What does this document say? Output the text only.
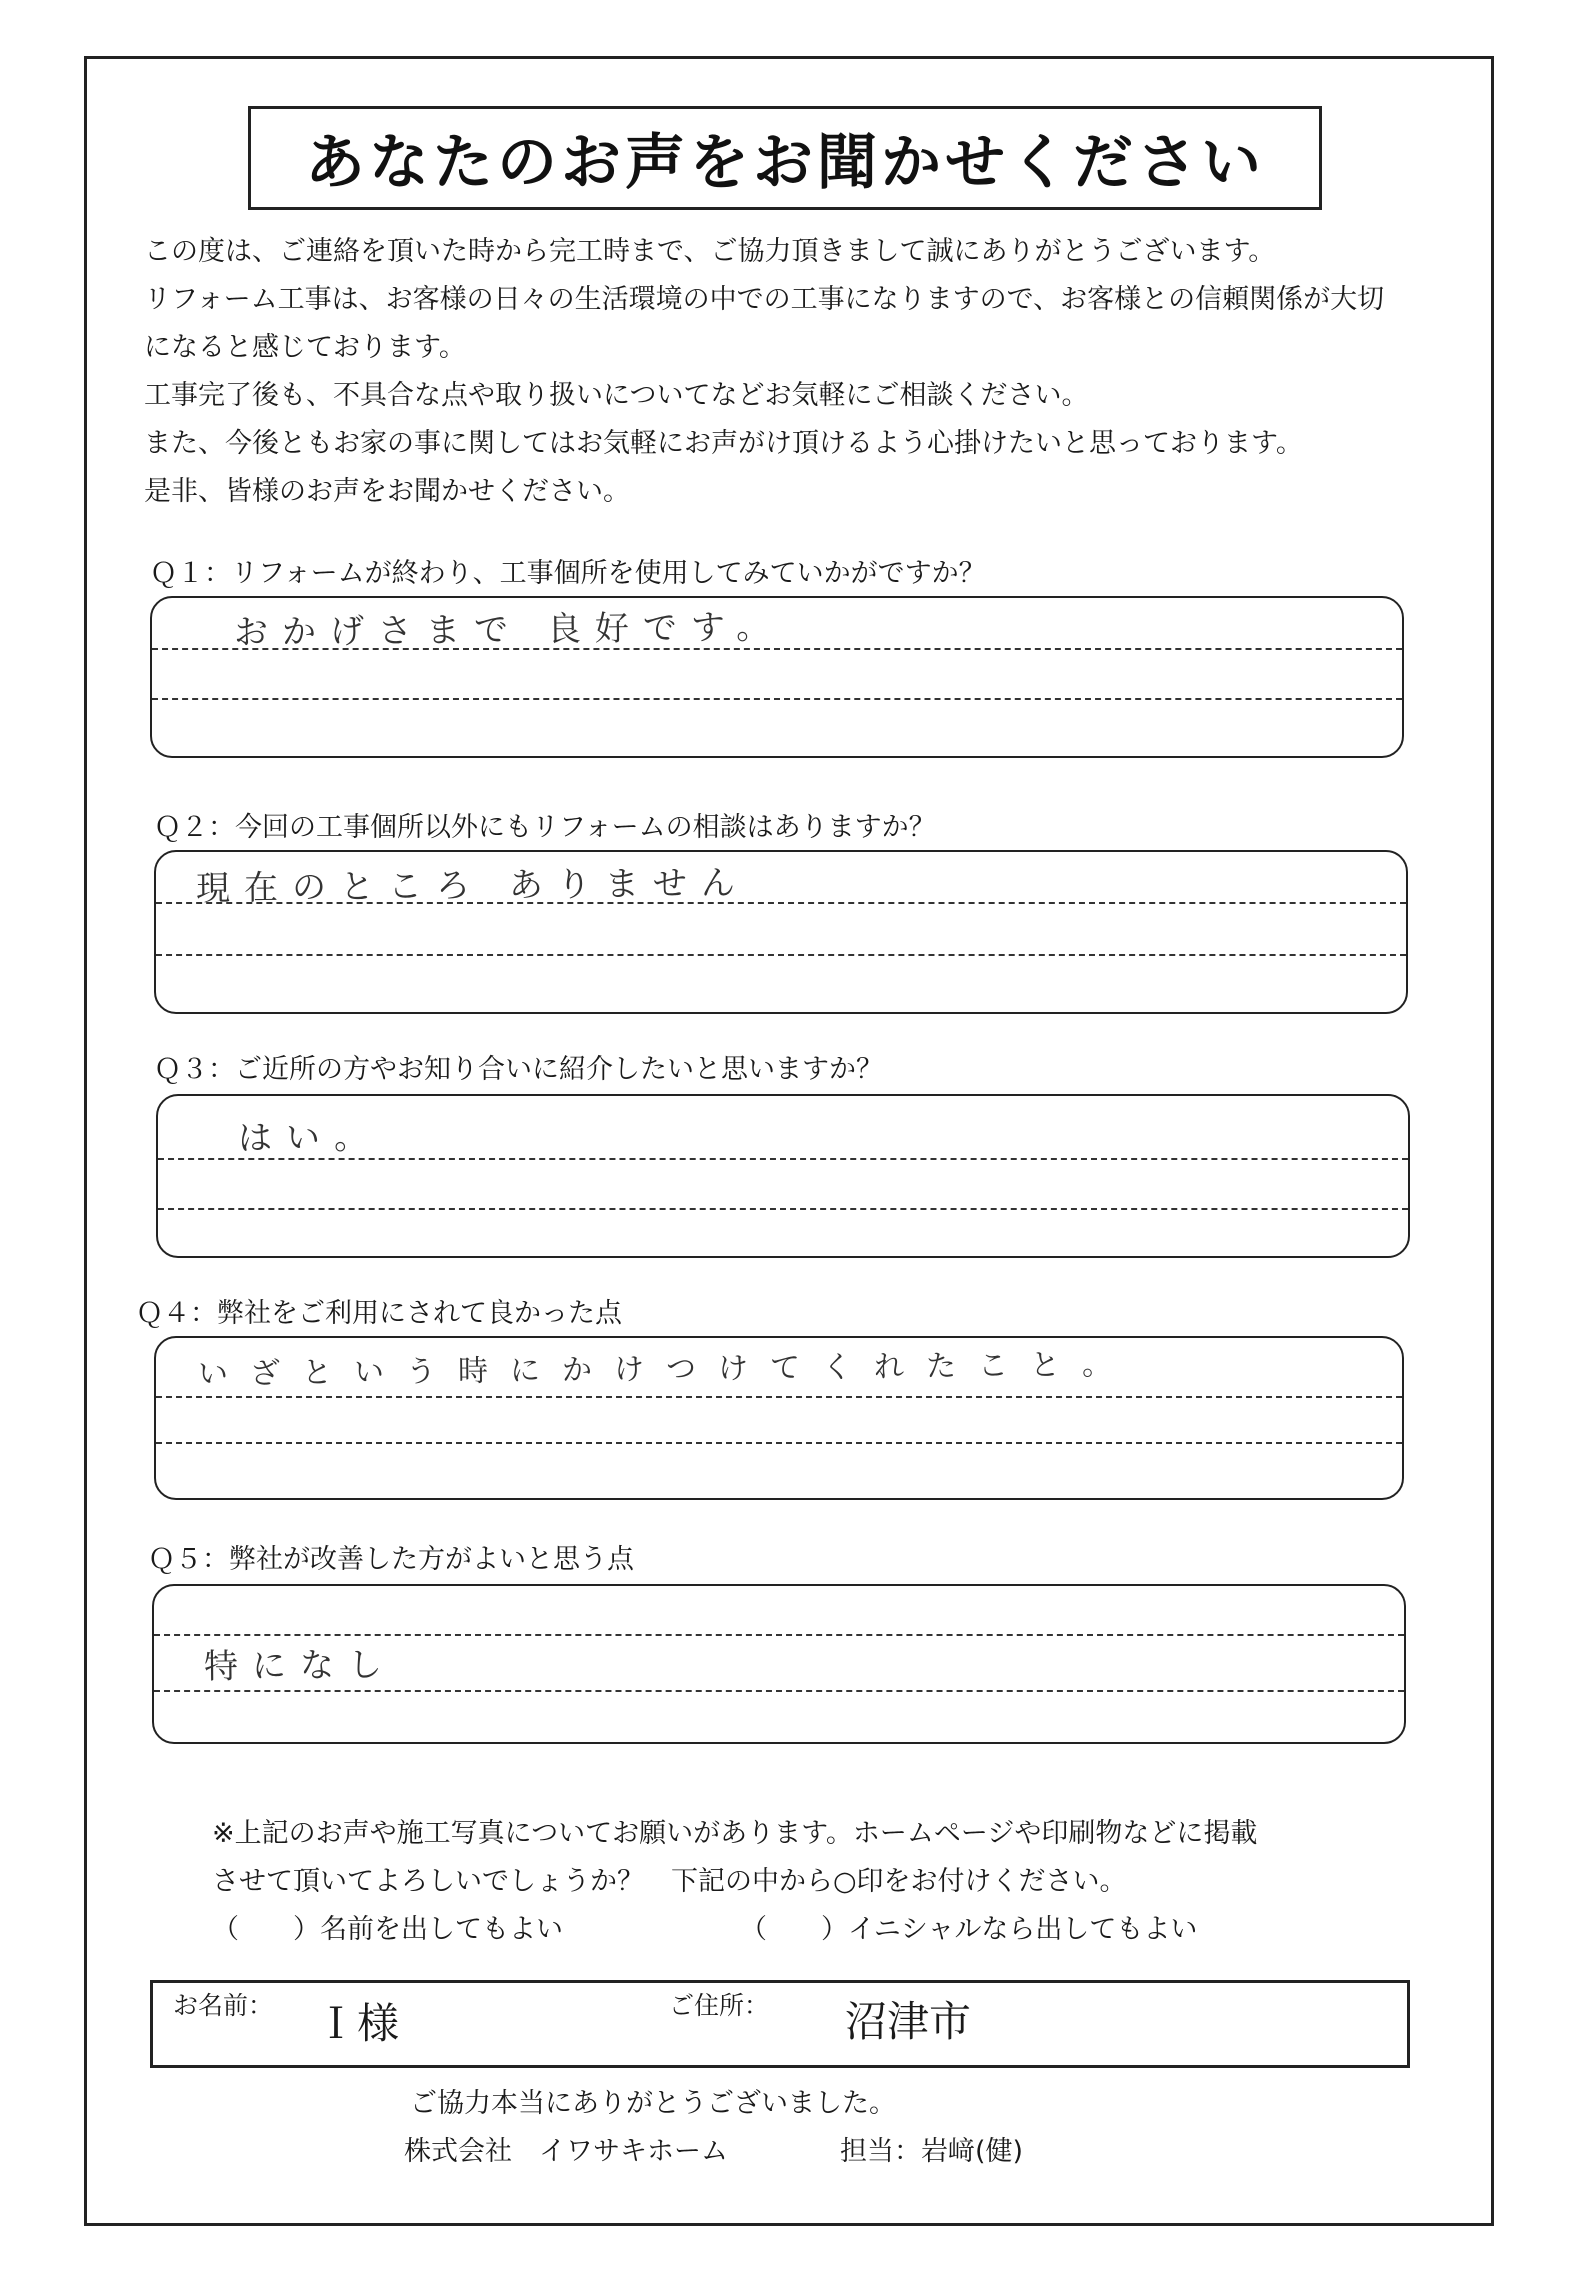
あなたのお声をお聞かせください

この度は、ご連絡を頂いた時から完工時まで、ご協力頂きまして誠にありがとうございます。

リフォーム工事は、お客様の日々の生活環境の中での工事になりますので、お客様との信頼関係が大切

になると感じております。

工事完了後も、不具合な点や取り扱いについてなどお気軽にご相談ください。

また、今後ともお家の事に関してはお気軽にお声がけ頂けるよう心掛けたいと思っております。

是非、皆様のお声をお聞かせください。

Ｑ１：リフォームが終わり、工事個所を使用してみていかがですか？
おかげさまで 良好です。
Ｑ２：今回の工事個所以外にもリフォームの相談はありますか？
現在のところ ありません
Ｑ３：ご近所の方やお知り合いに紹介したいと思いますか？
はい。
Ｑ４：弊社をご利用にされて良かった点
いざという時にかけつけてくれたこと。
Ｑ５：弊社が改善した方がよいと思う点
特になし
※上記のお声や施工写真についてお願いがあります。ホームページや印刷物などに掲載
させて頂いてよろしいでしょうか？　下記の中から○印をお付けください。
（　　）名前を出してもよい	（　　）イニシャルなら出してもよい
お名前： Ｉ様	ご住所： 沼津市
ご協力本当にありがとうございました。
株式会社　イワサキホーム	担当：岩﨑(健)
